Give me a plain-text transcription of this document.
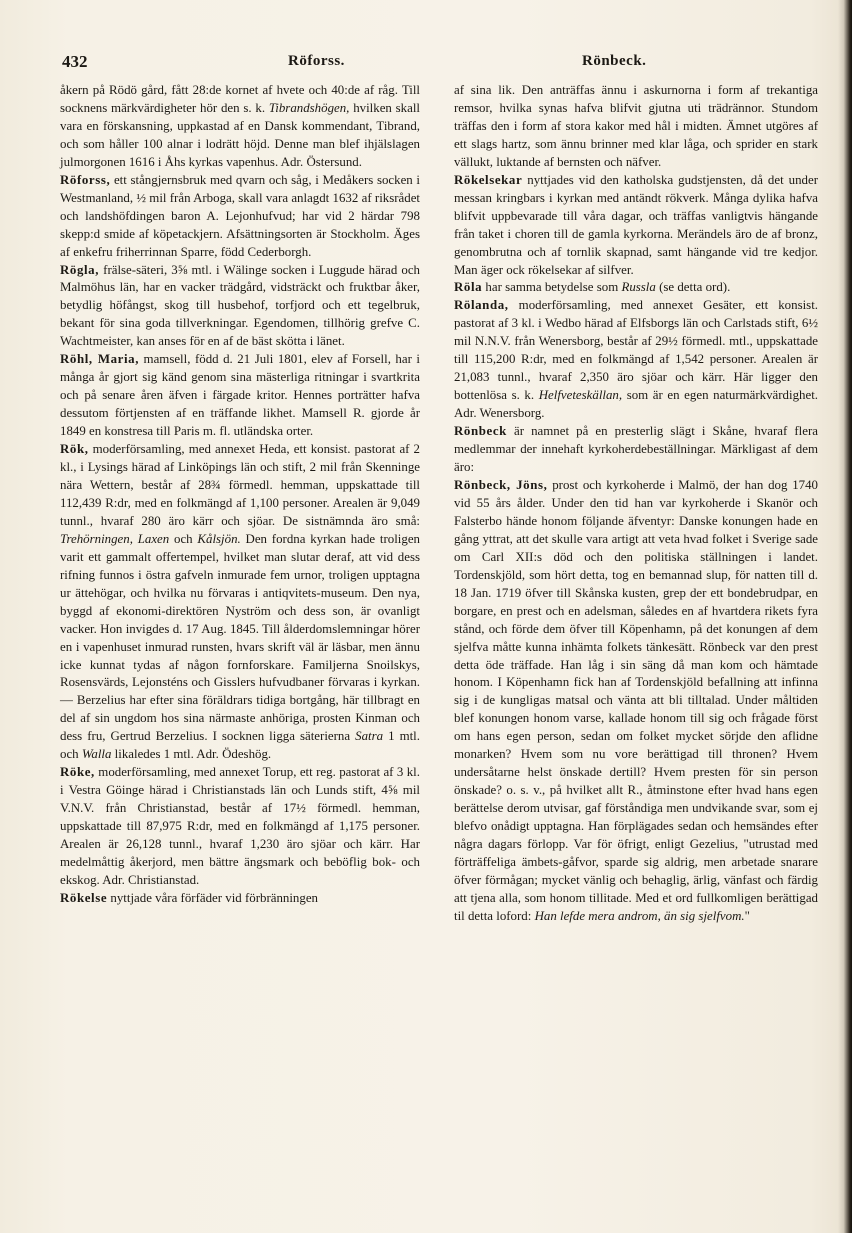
432	Röforss.	Rönbeck.

åkern på Rödö gård, fått 28:de kornet af hvete och 40:de af råg. Till socknens märkvärdigheter hör den s. k. Tibrandshögen, hvilken skall vara en förskansning, uppkastad af en Dansk kommendant, Tibrand, och som håller 100 alnar i lodrätt höjd. Denne man blef ihjälslagen julmorgonen 1616 i Åhs kyrkas vapenhus. Adr. Östersund.

Röforss, ett stångjernsbruk med qvarn och såg, i Medåkers socken i Westmanland, ½ mil från Arboga, skall vara anlagdt 1632 af riksrådet och landshöfdingen baron A. Lejonhufvud; har vid 2 härdar 798 skepp:d smide af köpetackjern. Afsättningsorten är Stockholm. Äges af enkefru friherrinnan Sparre, född Cederborgh.

Rögla, frälse-säteri, 3⅝ mtl. i Wälinge socken i Luggude härad och Malmöhus län, har en vacker trädgård, vidsträckt och fruktbar åker, betydlig höfångst, skog till husbehof, torfjord och ett tegelbruk, bekant för sina goda tillverkningar. Egendomen, tillhörig grefve C. Wachtmeister, kan anses för en af de bäst skötta i länet.

Röhl, Maria, mamsell, född d. 21 Juli 1801, elev af Forsell, har i många år gjort sig känd genom sina mästerliga ritningar i svartkrita och på senare åren äfven i färgade kritor. Hennes porträtter hafva dessutom förtjensten af en träffande likhet. Mamsell R. gjorde år 1849 en konstresa till Paris m. fl. utländska orter.

Rök, moderförsamling, med annexet Heda, ett konsist. pastorat af 2 kl., i Lysings härad af Linköpings län och stift, 2 mil från Skenninge nära Wettern, består af 28¾ förmedl. hemman, uppskattade till 112,439 R:dr, med en folkmängd af 1,100 personer. Arealen är 9,049 tunnl., hvaraf 280 äro kärr och sjöar. De sistnämnda äro små: Trehörningen, Laxen och Kålsjön. Den fordna kyrkan hade troligen varit ett gammalt offertempel, hvilket man slutar deraf, att vid dess rifning funnos i östra gafveln inmurade fem urnor, troligen upptagna ur ättehögar, och hvilka nu förvaras i antiqvitets-museum. Den nya, byggd af ekonomi-direktören Nyström och dess son, är ovanligt vacker. Hon invigdes d. 17 Aug. 1845. Till ålderdomslemningar hörer en i vapenhuset inmurad runsten, hvars skrift väl är läsbar, men ännu icke kunnat tydas af någon fornforskare. Familjerna Snoilskys, Rosensvärds, Lejonsténs och Gisslers hufvudbaner förvaras i kyrkan. — Berzelius har efter sina föräldrars tidiga bortgång, här tillbragt en del af sin ungdom hos sina närmaste anhöriga, prosten Kinman och dess fru, Gertrud Berzelius. I socknen ligga säterierna Satra 1 mtl. och Walla likaledes 1 mtl. Adr. Ödeshög.

Röke, moderförsamling, med annexet Torup, ett reg. pastorat af 3 kl. i Vestra Göinge härad i Christianstads län och Lunds stift, 4⅝ mil V.N.V. från Christianstad, består af 17½ förmedl. hemman, uppskattade till 87,975 R:dr, med en folkmängd af 1,175 personer. Arealen är 26,128 tunnl., hvaraf 1,230 äro sjöar och kärr. Har medelmåttig åkerjord, men bättre ängsmark och beböflig bok- och ekskog. Adr. Christianstad.

Rökelse nyttjade våra förfäder vid förbränningen

af sina lik. Den anträffas ännu i askurnorna i form af trekantiga remsor, hvilka synas hafva blifvit gjutna uti trädrännor. Stundom träffas den i form af stora kakor med hål i midten. Ämnet utgöres af ett slags hartz, som ännu brinner med klar låga, och sprider en stark vällukt, luktande af bernsten och näfver.

Rökelsekar nyttjades vid den katholska gudstjensten, då det under messan kringbars i kyrkan med antändt rökverk. Många dylika hafva blifvit uppbevarade till våra dagar, och träffas vanligtvis hängande från taket i choren till de gamla kyrkorna. Merändels äro de af bronz, genombrutna och af tornlik skapnad, samt hängande vid tre kedjor. Man äger ock rökelsekar af silfver.

Röla har samma betydelse som Russla (se detta ord).

Rölanda, moderförsamling, med annexet Gesäter, ett konsist. pastorat af 3 kl. i Wedbo härad af Elfsborgs län och Carlstads stift, 6½ mil N.N.V. från Wenersborg, består af 29½ förmedl. mtl., uppskattade till 115,200 R:dr, med en folkmängd af 1,542 personer. Arealen är 21,083 tunnl., hvaraf 2,350 äro sjöar och kärr. Här ligger den bottenlösa s. k. Helfveteskällan, som är en egen naturmärkvärdighet. Adr. Wenersborg.

Rönbeck är namnet på en presterlig slägt i Skåne, hvaraf flera medlemmar der innehaft kyrkoherdebeställningar. Märkligast af dem äro:

Rönbeck, Jöns, prost och kyrkoherde i Malmö, der han dog 1740 vid 55 års ålder. Under den tid han var kyrkoherde i Skanör och Falsterbo hände honom följande äfventyr: Danske konungen hade en gång yttrat, att det skulle vara artigt att veta hvad folket i Sverige sade om Carl XII:s död och den politiska ställningen i landet. Tordenskjöld, som hört detta, tog en bemannad slup, för natten till d. 18 Jan. 1719 öfver till Skånska kusten, grep der ett bondebrudpar, en borgare, en prest och en adelsman, således en af hvartdera rikets fyra stånd, och förde dem öfver till Köpenhamn, på det konungen af dem sjelfva måtte kunna inhämta folkets tänkesätt. Rönbeck var den prest detta öde träffade. Han låg i sin säng då man kom och hämtade honom. I Köpenhamn fick han af Tordenskjöld befallning att infinna sig i de kungligas matsal och vänta att bli tilltalad. Under måltiden blef konungen honom varse, kallade honom till sig och frågade först om hans egen person, sedan om folket mycket sörjde den aflidne monarken? Hvem som nu vore berättigad till thronen? Hvem undersåtarne helst önskade dertill? Hvem presten för sin person önskade? o. s. v., på hvilket allt R., åtminstone efter hvad hans egen berättelse derom utvisar, gaf förståndiga men undvikande svar, som ej blefvo onådigt upptagna. Han förplägades sedan och hemsändes efter några dagars förlopp. Var för öfrigt, enligt Gezelius, "utrustad med förträffeliga ämbets-gåfvor, sparde sig aldrig, men arbetade snarare öfver förmågan; mycket vänlig och behaglig, ärlig, vänfast och färdig att tjena alla, som honom tillitade. Med et ord fullkomligen berättigad til detta loford: Han lefde mera androm, än sig sjelfvom."
